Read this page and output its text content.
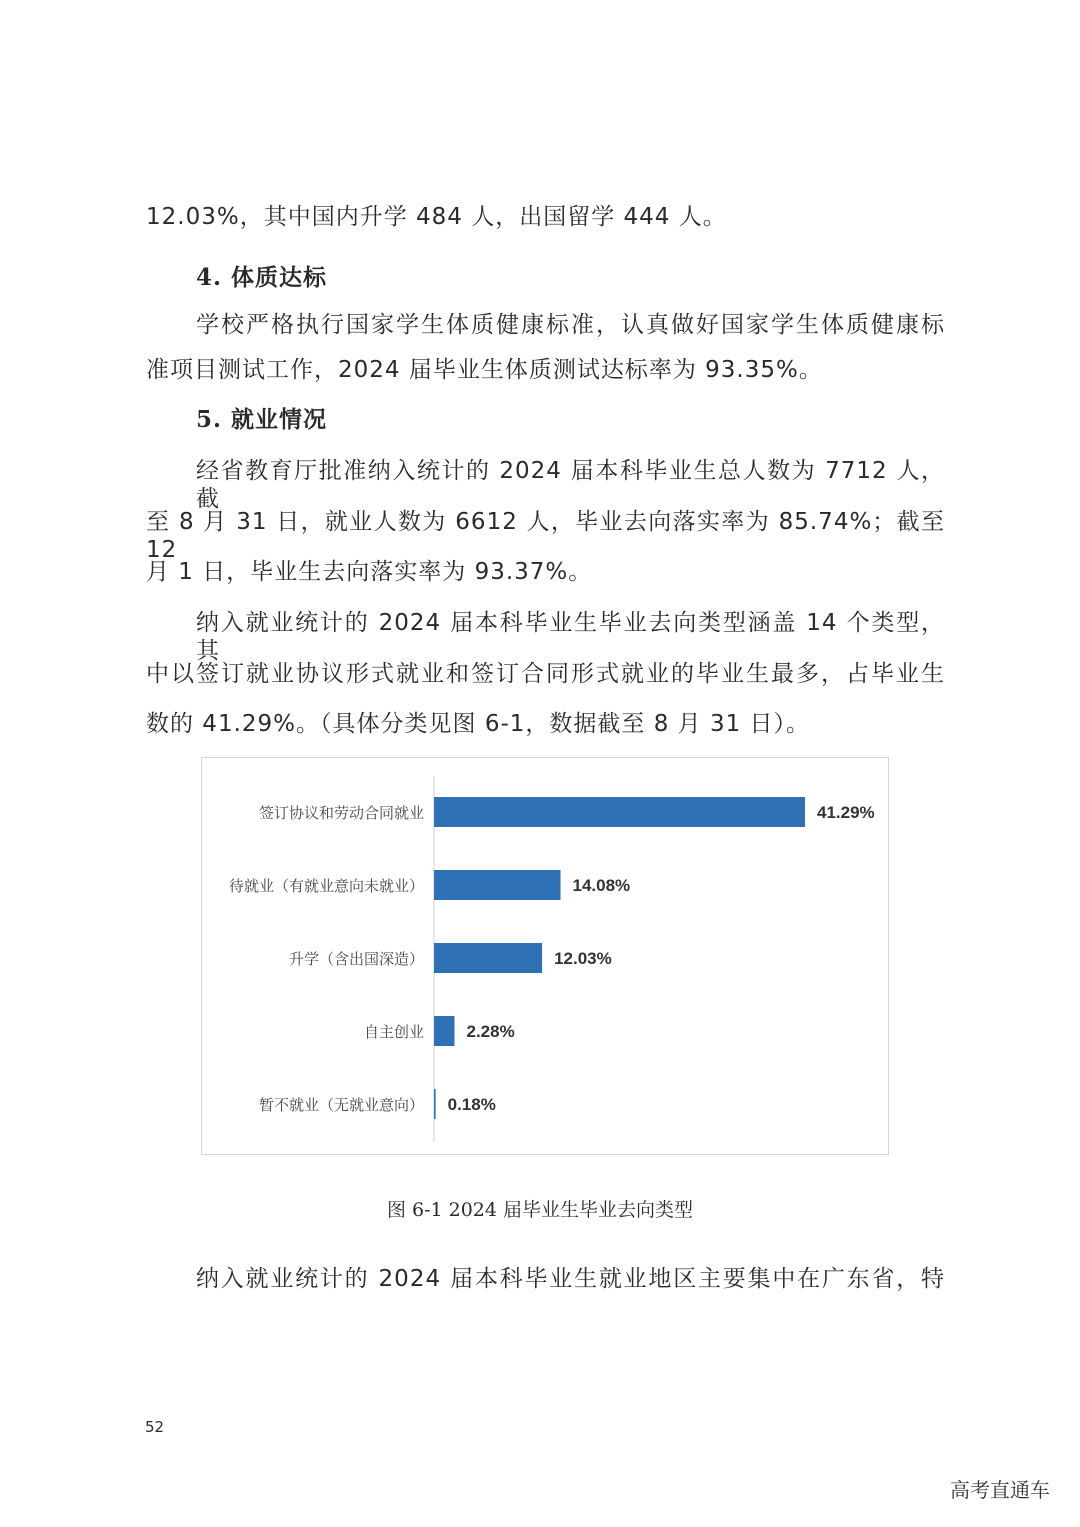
12.03%，其中国内升学 484 人，出国留学 444 人。
4. 体质达标
学校严格执行国家学生体质健康标准，认真做好国家学生体质健康标
准项目测试工作，2024 届毕业生体质测试达标率为 93.35%。
5. 就业情况
经省教育厅批准纳入统计的 2024 届本科毕业生总人数为 7712 人，截
至 8 月 31 日，就业人数为 6612 人，毕业去向落实率为 85.74%；截至 12
月 1 日，毕业生去向落实率为 93.37%。
纳入就业统计的 2024 届本科毕业生毕业去向类型涵盖 14 个类型，其
中以签订就业协议形式就业和签订合同形式就业的毕业生最多，占毕业生
数的 41.29%。（具体分类见图 6-1，数据截至 8 月 31 日）。
签订协议和劳动合同就业	41.29%
待就业（有就业意向未就业）	14.08%
升学（含出国深造）	12.03%
自主创业 2.28%
暂不就业（无就业意向） 0.18%
图 6-1 2024 届毕业生毕业去向类型
纳入就业统计的 2024 届本科毕业生就业地区主要集中在广东省，特
52
高考直通车
